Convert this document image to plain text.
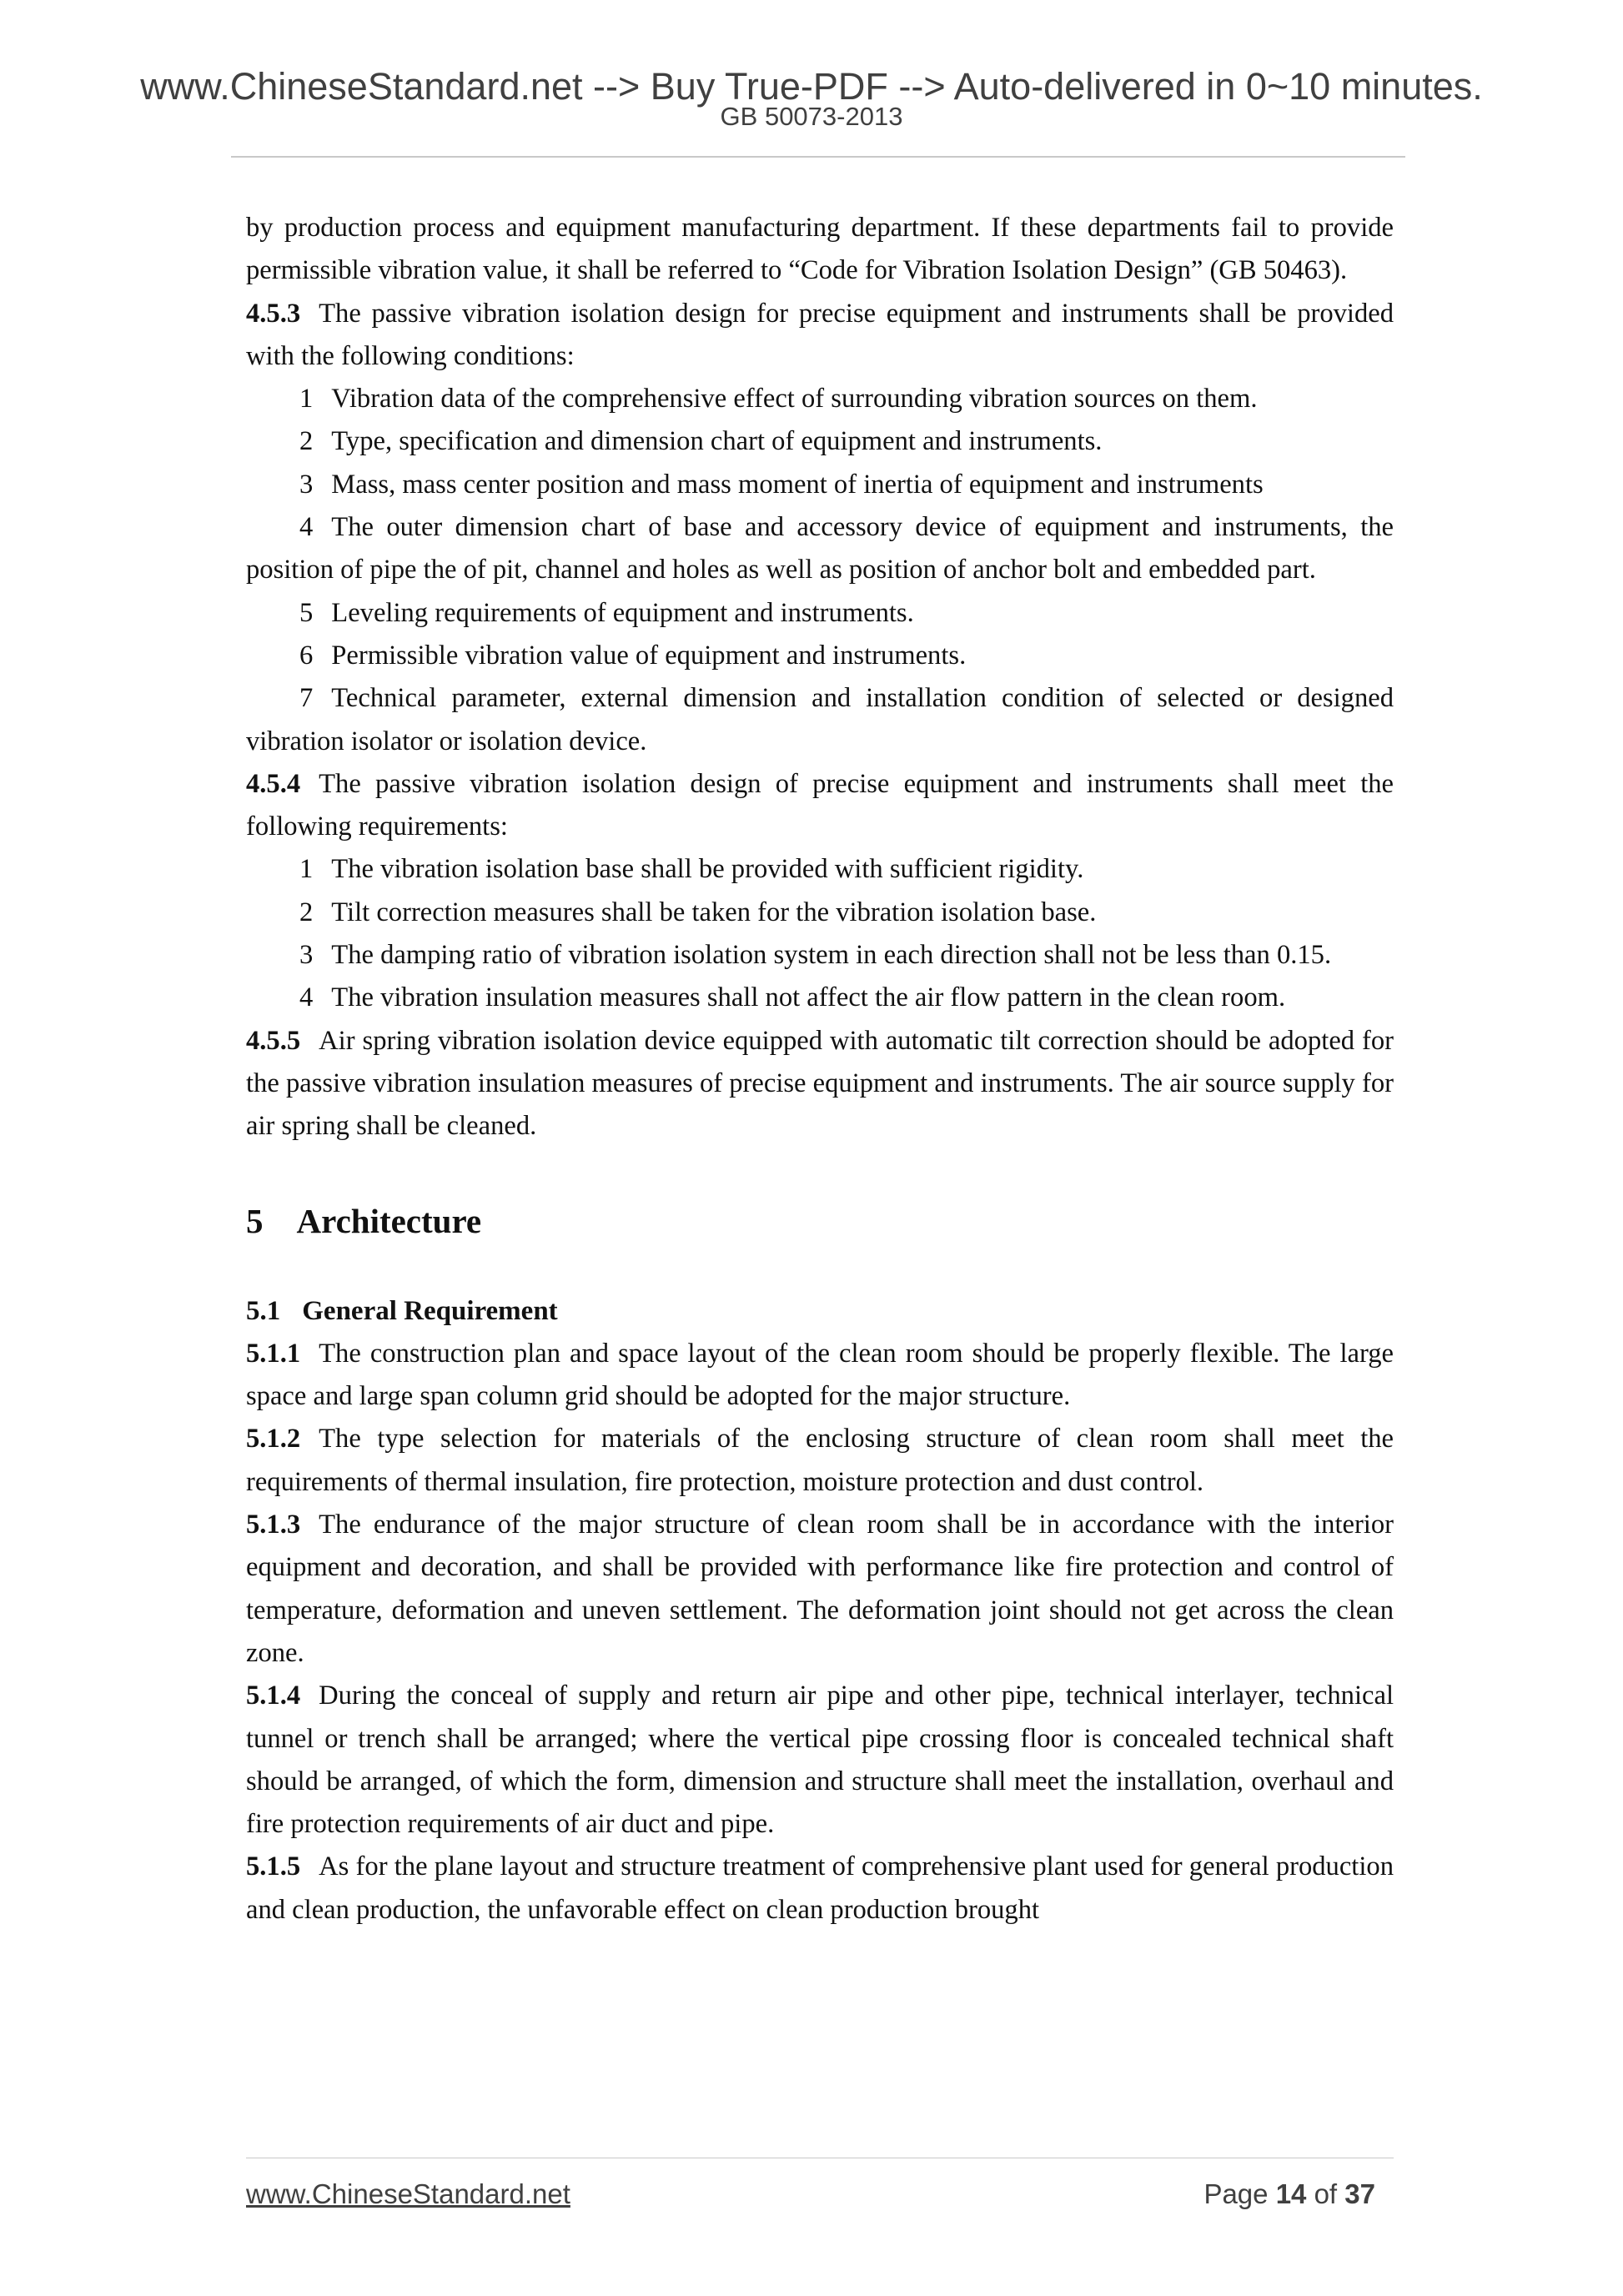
www.ChineseStandard.net --> Buy True-PDF --> Auto-delivered in 0~10 minutes.
GB 50073-2013

by production process and equipment manufacturing department. If these departments fail to provide permissible vibration value, it shall be referred to “Code for Vibration Isolation Design” (GB 50463).

4.5.3 The passive vibration isolation design for precise equipment and instruments shall be provided with the following conditions:

1 Vibration data of the comprehensive effect of surrounding vibration sources on them.

2 Type, specification and dimension chart of equipment and instruments.

3 Mass, mass center position and mass moment of inertia of equipment and instruments

4 The outer dimension chart of base and accessory device of equipment and instruments, the position of pipe the of pit, channel and holes as well as position of anchor bolt and embedded part.

5 Leveling requirements of equipment and instruments.

6 Permissible vibration value of equipment and instruments.

7 Technical parameter, external dimension and installation condition of selected or designed vibration isolator or isolation device.

4.5.4 The passive vibration isolation design of precise equipment and instruments shall meet the following requirements:

1 The vibration isolation base shall be provided with sufficient rigidity.

2 Tilt correction measures shall be taken for the vibration isolation base.

3 The damping ratio of vibration isolation system in each direction shall not be less than 0.15.

4 The vibration insulation measures shall not affect the air flow pattern in the clean room.

4.5.5 Air spring vibration isolation device equipped with automatic tilt correction should be adopted for the passive vibration insulation measures of precise equipment and instruments. The air source supply for air spring shall be cleaned.

5 Architecture

5.1 General Requirement

5.1.1 The construction plan and space layout of the clean room should be properly flexible. The large space and large span column grid should be adopted for the major structure.

5.1.2 The type selection for materials of the enclosing structure of clean room shall meet the requirements of thermal insulation, fire protection, moisture protection and dust control.

5.1.3 The endurance of the major structure of clean room shall be in accordance with the interior equipment and decoration, and shall be provided with performance like fire protection and control of temperature, deformation and uneven settlement. The deformation joint should not get across the clean zone.

5.1.4 During the conceal of supply and return air pipe and other pipe, technical interlayer, technical tunnel or trench shall be arranged; where the vertical pipe crossing floor is concealed technical shaft should be arranged, of which the form, dimension and structure shall meet the installation, overhaul and fire protection requirements of air duct and pipe.

5.1.5 As for the plane layout and structure treatment of comprehensive plant used for general production and clean production, the unfavorable effect on clean production brought

www.ChineseStandard.net	Page 14 of 37
